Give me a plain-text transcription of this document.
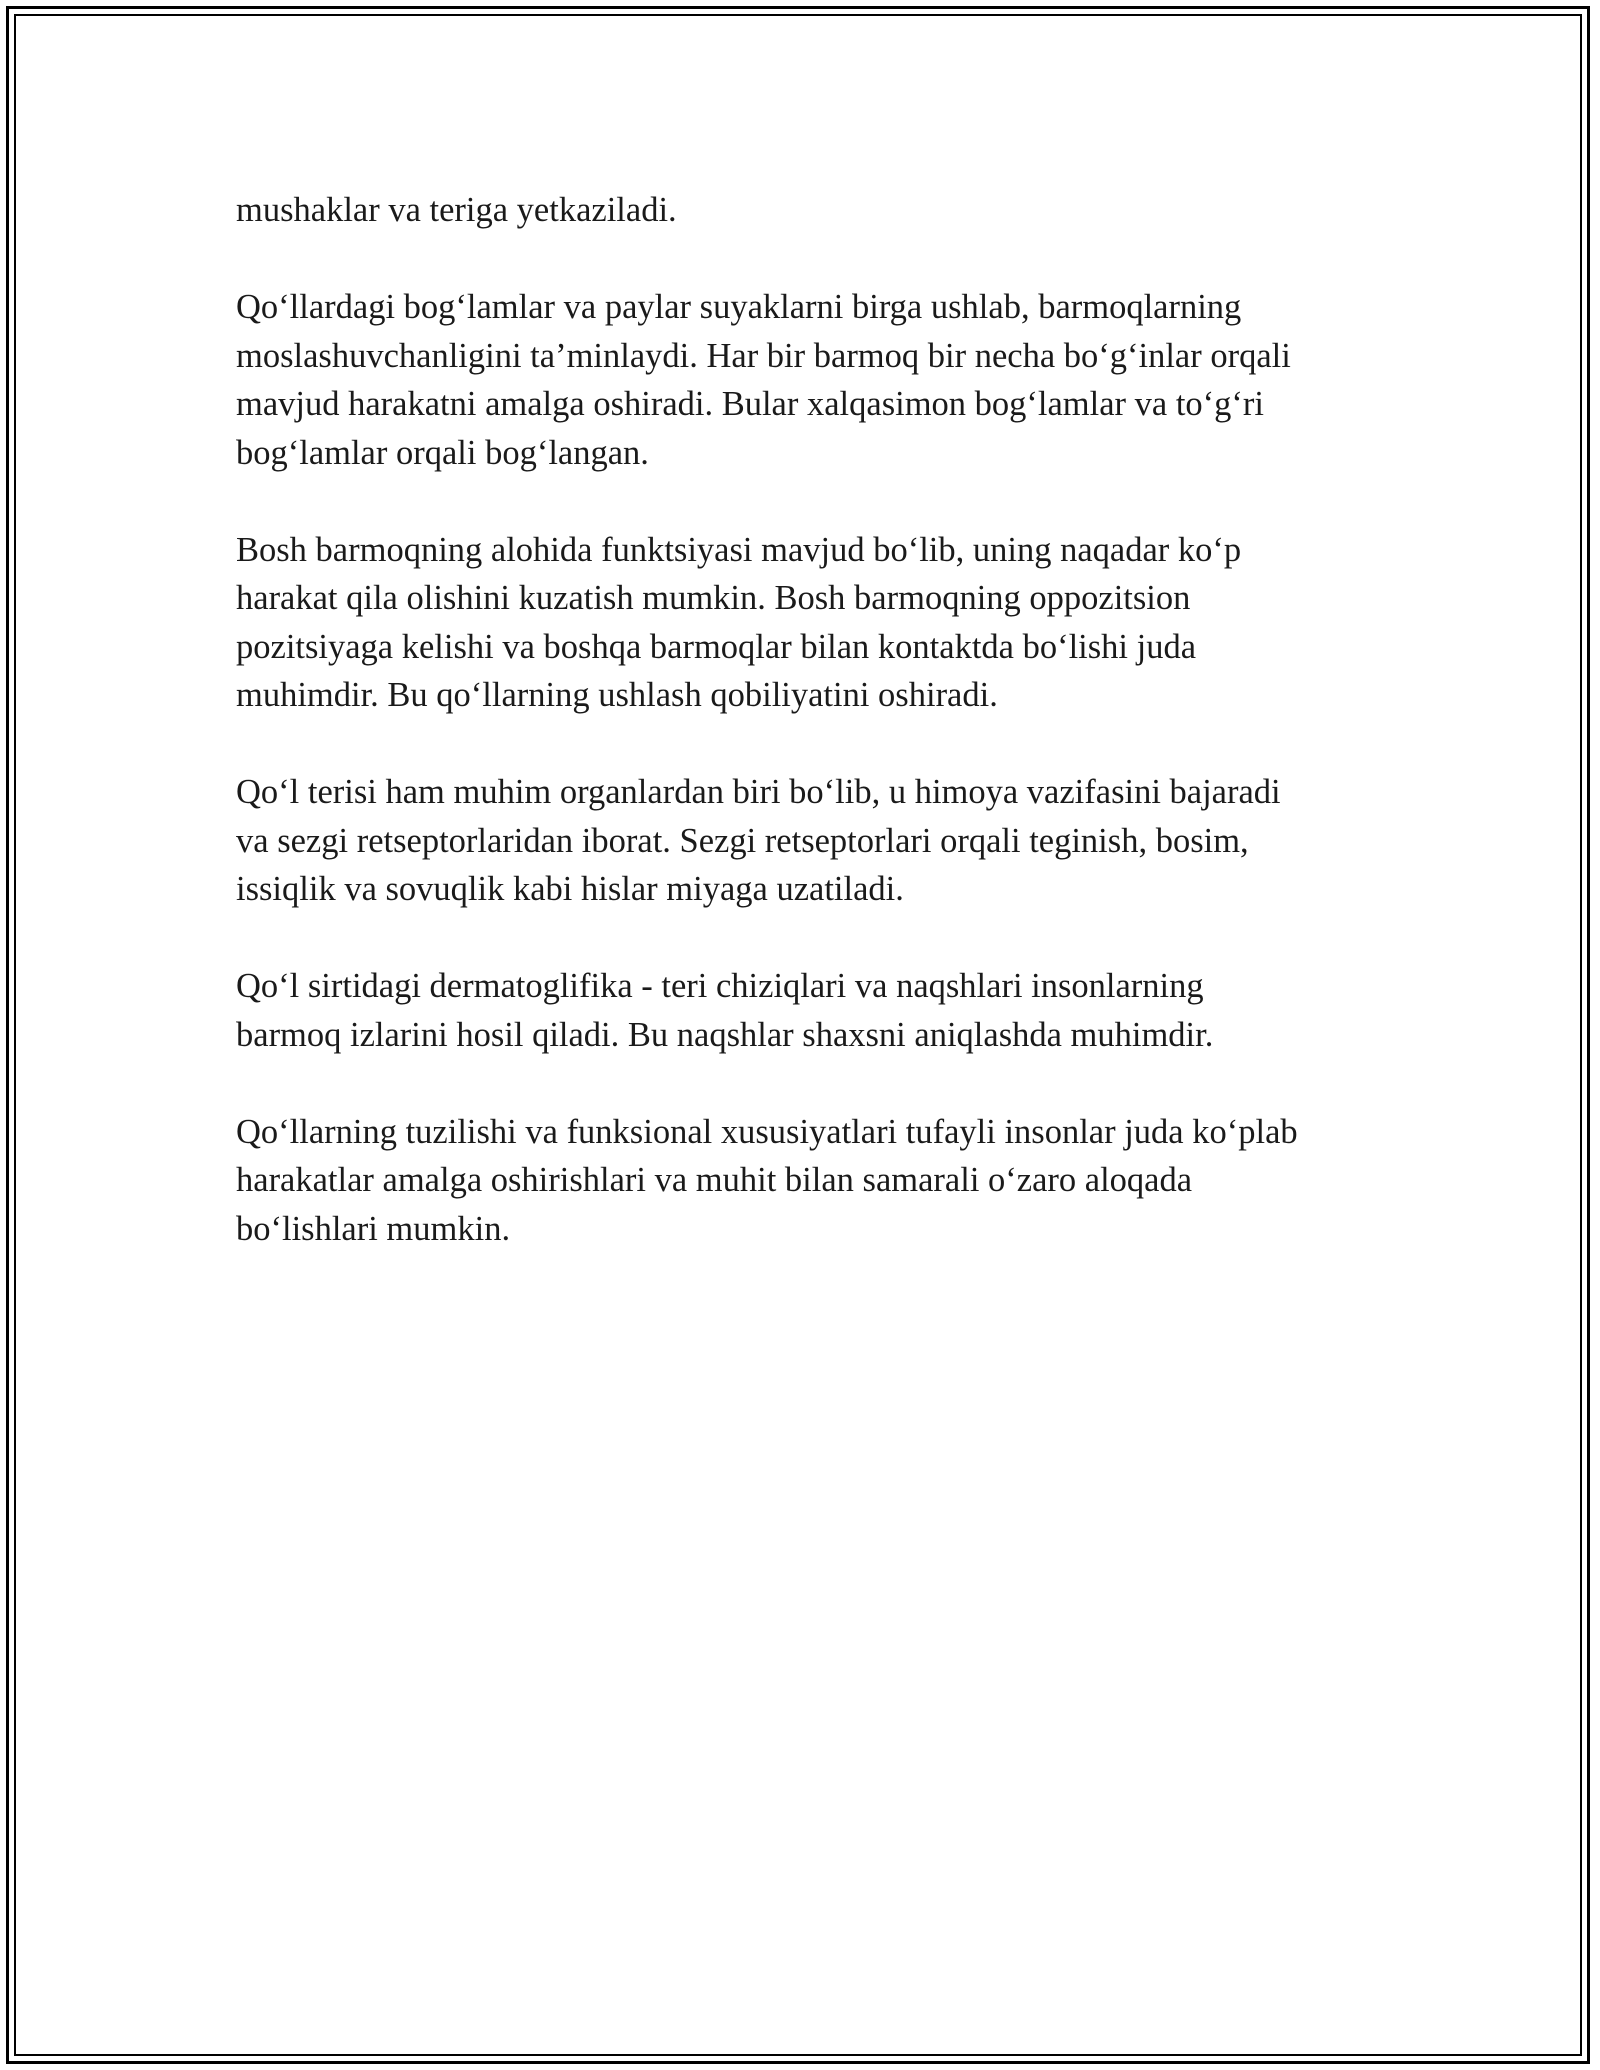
mushaklar va teriga yetkaziladi.

Qo‘llardagi bog‘lamlar va paylar suyaklarni birga ushlab, barmoqlarning
moslashuvchanligini ta’minlaydi. Har bir barmoq bir necha bo‘g‘inlar orqali
mavjud harakatni amalga oshiradi. Bular xalqasimon bog‘lamlar va to‘g‘ri
bog‘lamlar orqali bog‘langan.

Bosh barmoqning alohida funktsiyasi mavjud bo‘lib, uning naqadar ko‘p
harakat qila olishini kuzatish mumkin. Bosh barmoqning oppozitsion
pozitsiyaga kelishi va boshqa barmoqlar bilan kontaktda bo‘lishi juda
muhimdir. Bu qo‘llarning ushlash qobiliyatini oshiradi.

Qo‘l terisi ham muhim organlardan biri bo‘lib, u himoya vazifasini bajaradi
va sezgi retseptorlaridan iborat. Sezgi retseptorlari orqali teginish, bosim,
issiqlik va sovuqlik kabi hislar miyaga uzatiladi.

Qo‘l sirtidagi dermatoglifika - teri chiziqlari va naqshlari insonlarning
barmoq izlarini hosil qiladi. Bu naqshlar shaxsni aniqlashda muhimdir.

Qo‘llarning tuzilishi va funksional xususiyatlari tufayli insonlar juda ko‘plab
harakatlar amalga oshirishlari va muhit bilan samarali o‘zaro aloqada
bo‘lishlari mumkin.
